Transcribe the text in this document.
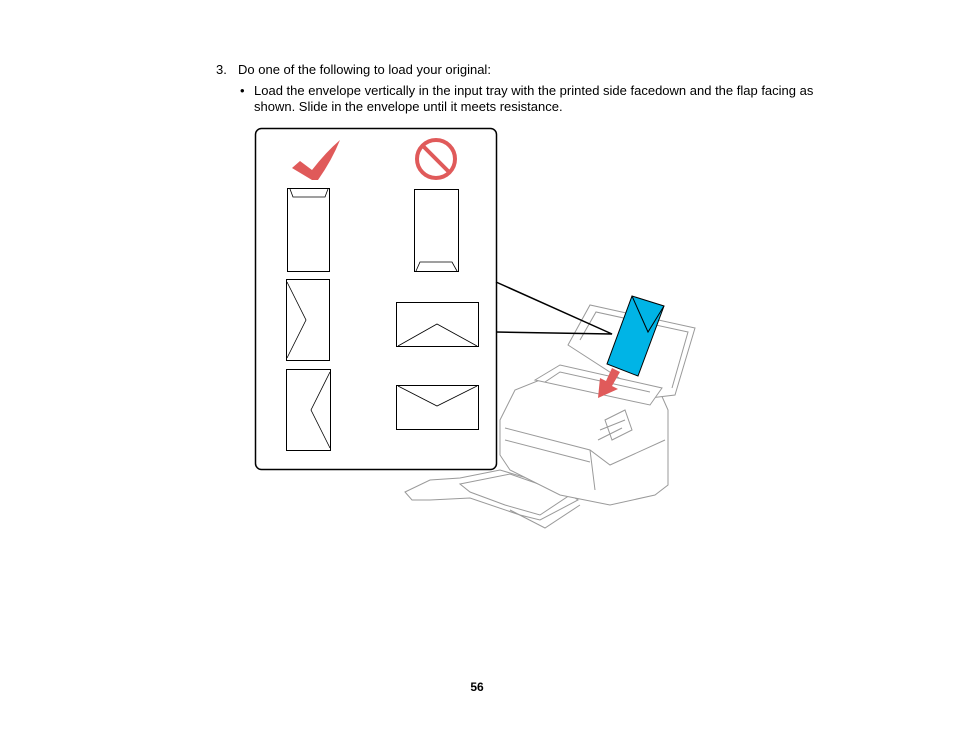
3. Do one of the following to load your original:
• Load the envelope vertically in the input tray with the printed side facedown and the flap facing as shown. Slide in the envelope until it meets resistance.
56
